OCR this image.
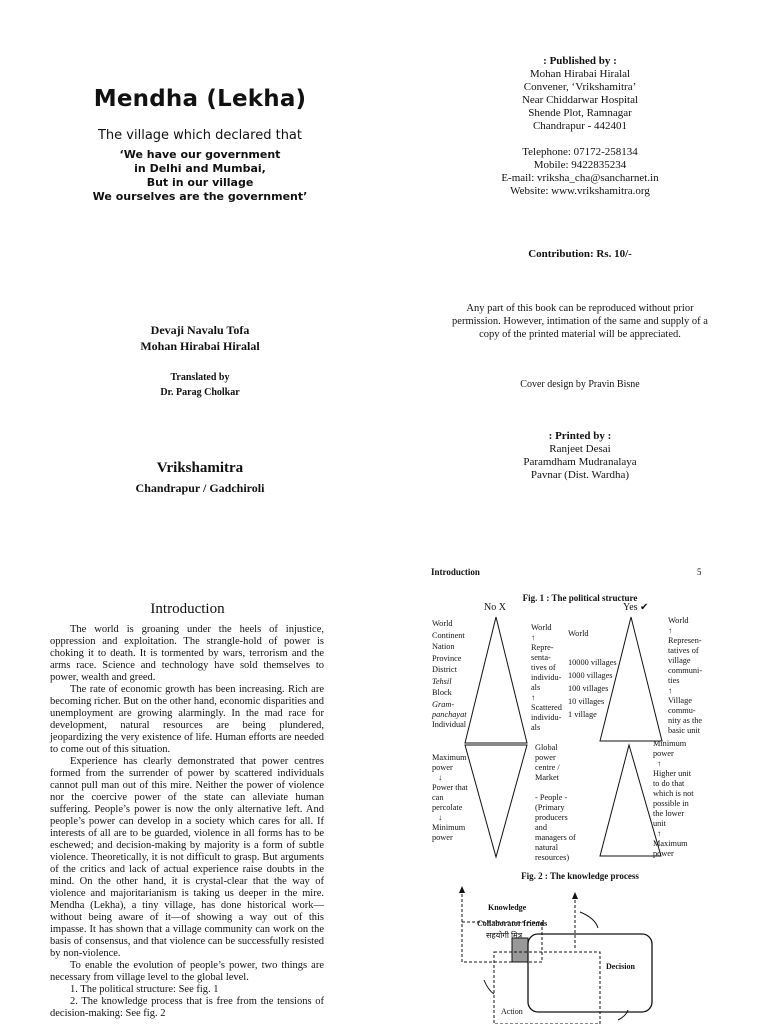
Mendha (Lekha)
The village which declared that
‘We have our government
in Delhi and Mumbai,
But in our village
We ourselves are the government’
Devaji Navalu Tofa
Mohan Hirabai Hiralal
Translated by
Dr. Parag Cholkar
Vrikshamitra
Chandrapur / Gadchiroli
: Published by :
Mohan Hirabai Hiralal
Convener, ‘Vrikshamitra’
Near Chiddarwar Hospital
Shende Plot, Ramnagar
Chandrapur - 442401
Telephone: 07172-258134
Mobile: 9422835234
E-mail: vriksha_cha@sancharnet.in
Website: www.vrikshamitra.org
Contribution: Rs. 10/-
Any part of this book can be reproduced without prior permission. However, intimation of the same and supply of a copy of the printed material will be appreciated.
Cover design by Pravin Bisne
: Printed by :
Ranjeet Desai
Paramdham Mudranalaya
Pavnar (Dist. Wardha)
Introduction

The world is groaning under the heels of injustice, oppression and exploitation. The strangle-hold of power is choking it to death. It is tormented by wars, terrorism and the arms race. Science and technology have sold themselves to power, wealth and greed.

The rate of economic growth has been increasing. Rich are becoming richer. But on the other hand, economic disparities and unemployment are growing alarmingly. In the mad race for development, natural resources are being plundered, jeopardizing the very existence of life. Human efforts are needed to come out of this situation.

Experience has clearly demonstrated that power centres formed from the surrender of power by scattered individuals cannot pull man out of this mire. Neither the power of violence nor the coercive power of the state can alleviate human suffering. People’s power is now the only alternative left. And people’s power can develop in a society which cares for all. If interests of all are to be guarded, violence in all forms has to be eschewed; and decision-making by majority is a form of subtle violence. Theoretically, it is not difficult to grasp. But arguments of the critics and lack of actual experience raise doubts in the mind. On the other hand, it is crystal-clear that the way of violence and majoritarianism is taking us deeper in the mire. Mendha (Lekha), a tiny village, has done historical work—without being aware of it—of showing a way out of this impasse. It has shown that a village community can work on the basis of consensus, and that violence can be successfully resisted by non-violence.

To enable the evolution of people’s power, two things are necessary from village level to the global level.

1. The political structure: See fig. 1

2. The knowledge process that is free from the tensions of decision-making: See fig. 2

Introduction	5
Fig. 1 : The political structure
No X	Yes ✔
World
Continent
Nation
Province
District
Tehsil
Block
Gram-
panchayat
Individual
World
↑
Repre-
senta-
tives of
individu-
als
↑
Scattered
individu-
als
World
10000 villages
1000 villages
100 villages
10 villages
1 village
World
↑
Represen-
tatives of
village
communi-
ties
↑
Village
commu-
nity as the
basic unit
Maximum
power
↓
Power that
can
percolate
↓
Minimum
power
Global
power
centre /
Market
- People -
(Primary
producers
and
managers of
natural
resources)
Minimum
power
↑
Higher unit
to do that
which is not
possible in
the lower
unit
↑
Maximum
power
Fig. 2 : The knowledge process
Knowledge
Collaborator friends
सहयोगी मित्र
Decision
Action
